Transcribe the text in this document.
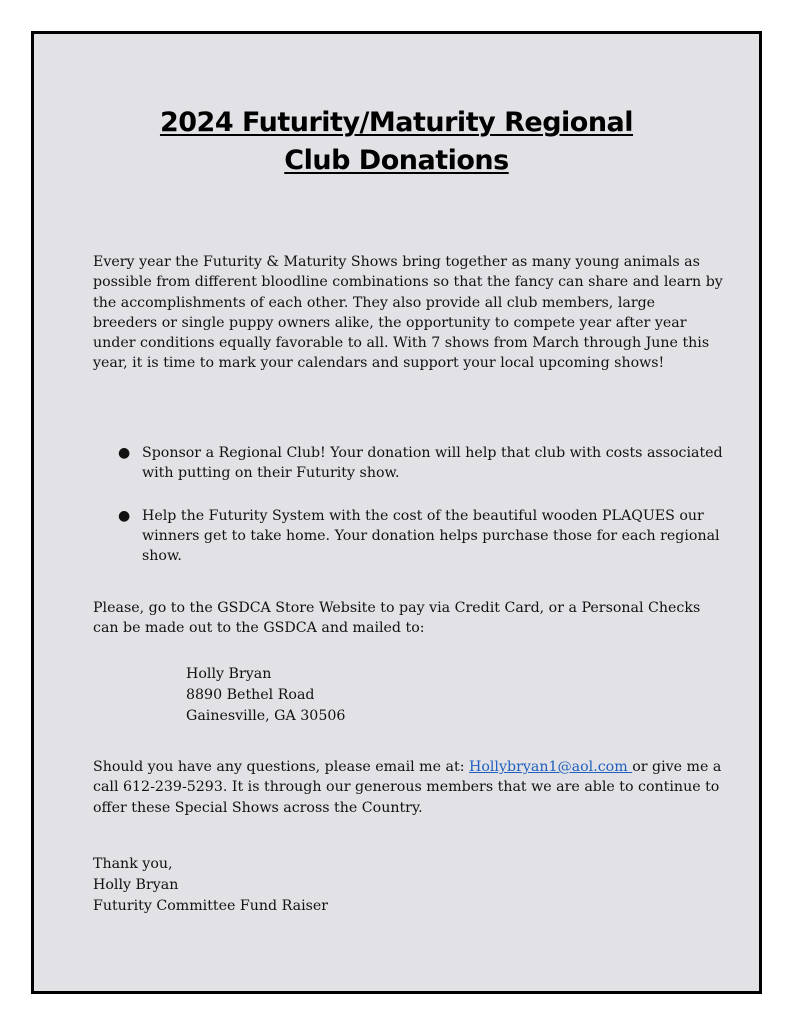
2024 Futurity/Maturity Regional
Club Donations

Every year the Futurity & Maturity Shows bring together as many young animals as possible from different bloodline combinations so that the fancy can share and learn by the accomplishments of each other. They also provide all club members, large breeders or single puppy owners alike, the opportunity to compete year after year under conditions equally favorable to all. With 7 shows from March through June this year, it is time to mark your calendars and support your local upcoming shows!

● Sponsor a Regional Club! Your donation will help that club with costs associated with putting on their Futurity show.
● Help the Futurity System with the cost of the beautiful wooden PLAQUES our winners get to take home. Your donation helps purchase those for each regional show.

Please, go to the GSDCA Store Website to pay via Credit Card, or a Personal Checks can be made out to the GSDCA and mailed to:

Holly Bryan
8890 Bethel Road
Gainesville, GA 30506

Should you have any questions, please email me at: Hollybryan1@aol.com or give me a call 612-239-5293. It is through our generous members that we are able to continue to offer these Special Shows across the Country.

Thank you,
Holly Bryan
Futurity Committee Fund Raiser
